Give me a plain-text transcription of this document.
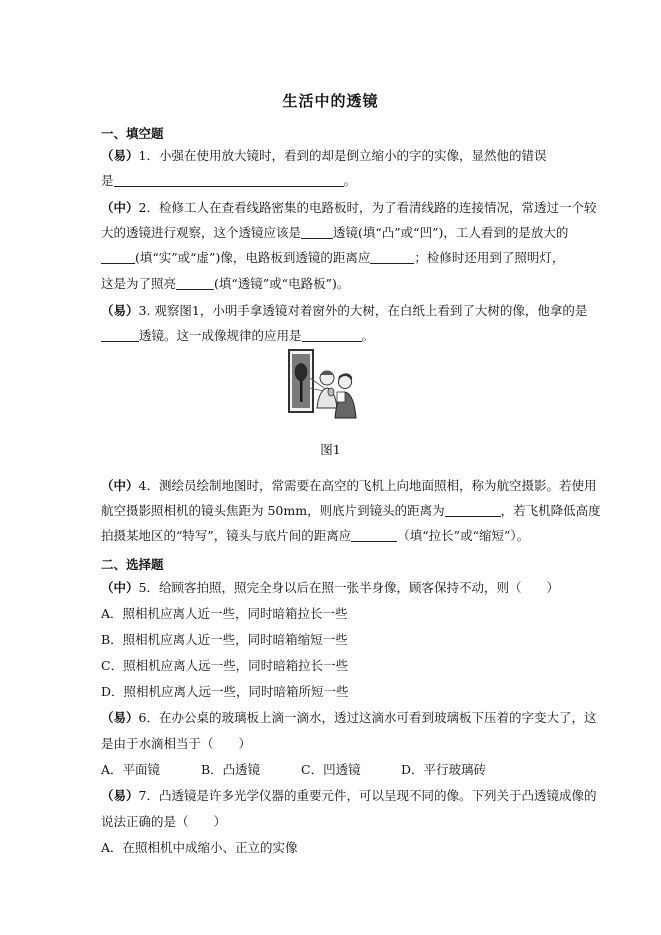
生活中的透镜
一、填空题
（易）1．小强在使用放大镜时，看到的却是倒立缩小的字的实像，显然他的错误
是	。
（中）2．检修工人在查看线路密集的电路板时，为了看清线路的连接情况，常透过一个较
大的透镜进行观察，这个透镜应该是	透镜(填“凸”或“凹”)，工人看到的是放大的
(填“实”或“虚”)像，电路板到透镜的距离应	；检修时还用到了照明灯，
这是为了照亮	(填“透镜”或“电路板”)。
（易）3. 观察图1，小明手拿透镜对着窗外的大树，在白纸上看到了大树的像，他拿的是
透镜。这一成像规律的应用是	。
图1
（中）4．测绘员绘制地图时，常需要在高空的飞机上向地面照相，称为航空摄影。若使用
航空摄影照相机的镜头焦距为 50mm，则底片到镜头的距离为	，若飞机降低高度
拍摄某地区的“特写”，镜头与底片间的距离应	（填“拉长”或“缩短”）。
二、选择题
（中）5．给顾客拍照，照完全身以后在照一张半身像，顾客保持不动，则（　　）
A．照相机应离人近一些，同时暗箱拉长一些
B．照相机应离人近一些，同时暗箱缩短一些
C．照相机应离人远一些，同时暗箱拉长一些
D．照相机应离人远一些，同时暗箱所短一些
（易）6．在办公桌的玻璃板上滴一滴水，透过这滴水可看到玻璃板下压着的字变大了，这
是由于水滴相当于（　　）
A．平面镜	B．凸透镜	C．凹透镜	D．平行玻璃砖
（易）7．凸透镜是许多光学仪器的重要元件，可以呈现不同的像。下列关于凸透镜成像的
说法正确的是（　　）
A．在照相机中成缩小、正立的实像
